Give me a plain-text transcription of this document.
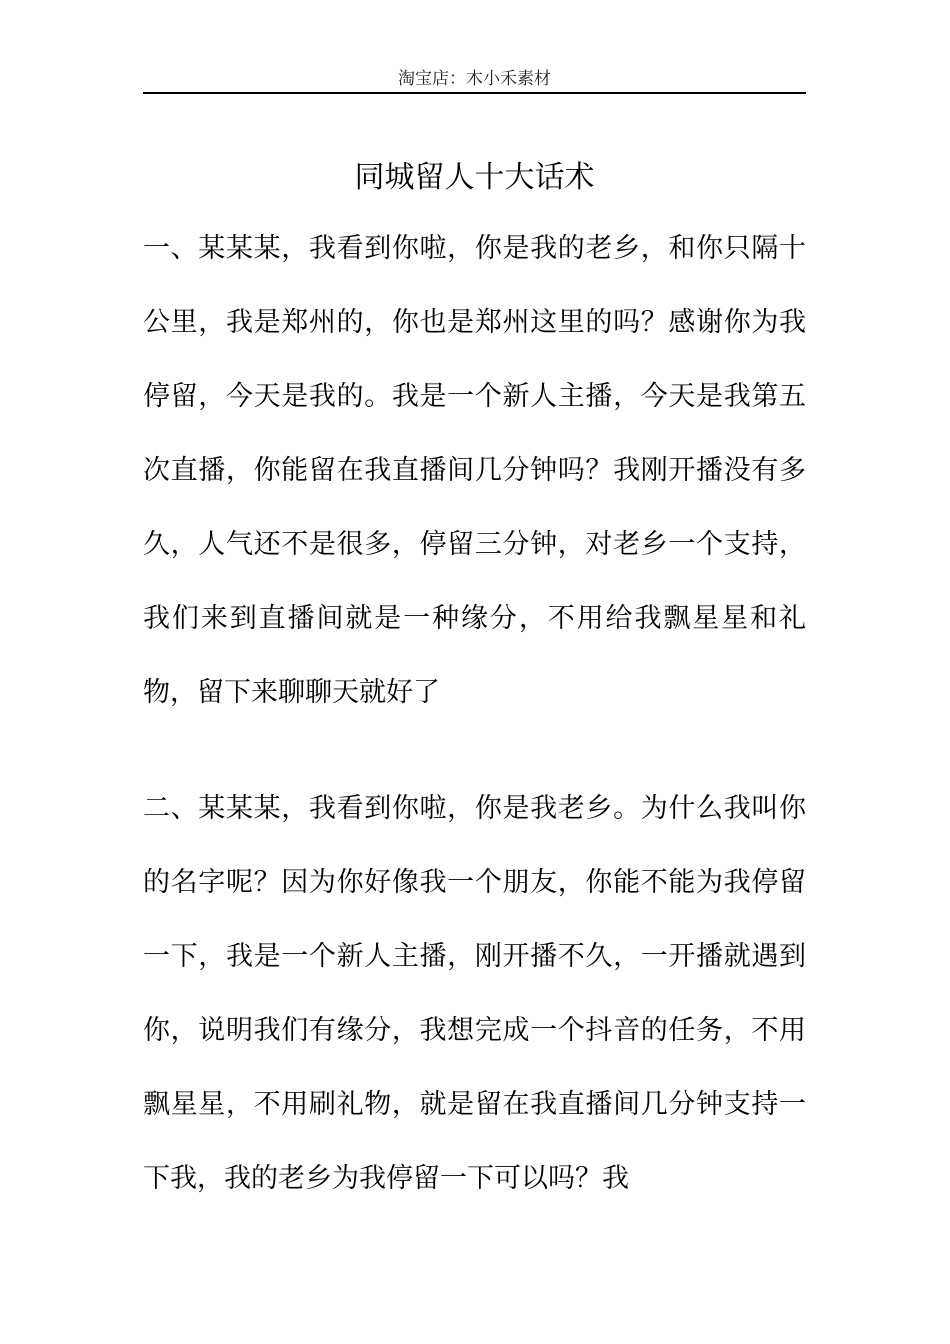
淘宝店：木小禾素材
同城留人十大话术

一、某某某，我看到你啦，你是我的老乡，和你只隔十公里，我是郑州的，你也是郑州这里的吗？感谢你为我停留，今天是我的。我是一个新人主播，今天是我第五次直播，你能留在我直播间几分钟吗？我刚开播没有多久，人气还不是很多，停留三分钟，对老乡一个支持，我们来到直播间就是一种缘分，不用给我飘星星和礼物，留下来聊聊天就好了

二、某某某，我看到你啦，你是我老乡。为什么我叫你的名字呢？因为你好像我一个朋友，你能不能为我停留一下，我是一个新人主播，刚开播不久，一开播就遇到你，说明我们有缘分，我想完成一个抖音的任务，不用飘星星，不用刷礼物，就是留在我直播间几分钟支持一下我，我的老乡为我停留一下可以吗？我
